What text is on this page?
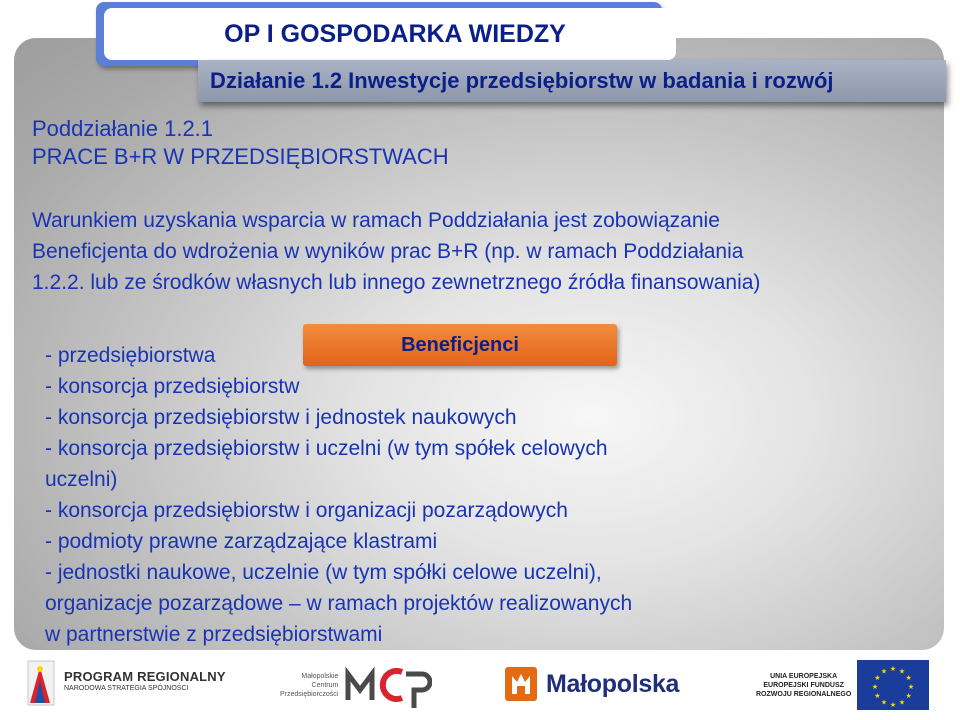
OP I GOSPODARKA WIEDZY
Działanie 1.2 Inwestycje przedsiębiorstw w badania i rozwój
Poddziałanie 1.2.1
PRACE B+R W PRZEDSIĘBIORSTWACH
Warunkiem uzyskania wsparcia w ramach Poddziałania jest zobowiązanie
Beneficjenta do wdrożenia w wyników prac B+R (np. w ramach Poddziałania
1.2.2. lub ze środków własnych lub innego zewnetrznego źródła finansowania)
- przedsiębiorstwa
- konsorcja przedsiębiorstw
- konsorcja przedsiębiorstw i jednostek naukowych
- konsorcja przedsiębiorstw i uczelni (w tym spółek celowych
uczelni)
- konsorcja przedsiębiorstw i organizacji pozarządowych
- podmioty prawne zarządzające klastrami
- jednostki naukowe, uczelnie (w tym spółki celowe uczelni),
organizacje pozarządowe – w ramach projektów realizowanych
w partnerstwie z przedsiębiorstwami
Beneficjenci
PROGRAM REGIONALNY
NARODOWA STRATEGIA SPÓJNOŚCI
Małopolskie
Centrum
Przedsiębiorczości	Małopolska	UNIA EUROPEJSKA
EUROPEJSKI FUNDUSZ
ROZWOJU REGIONALNEGO
★ ★
★
★
★
★
★
★
★
★
★
★
